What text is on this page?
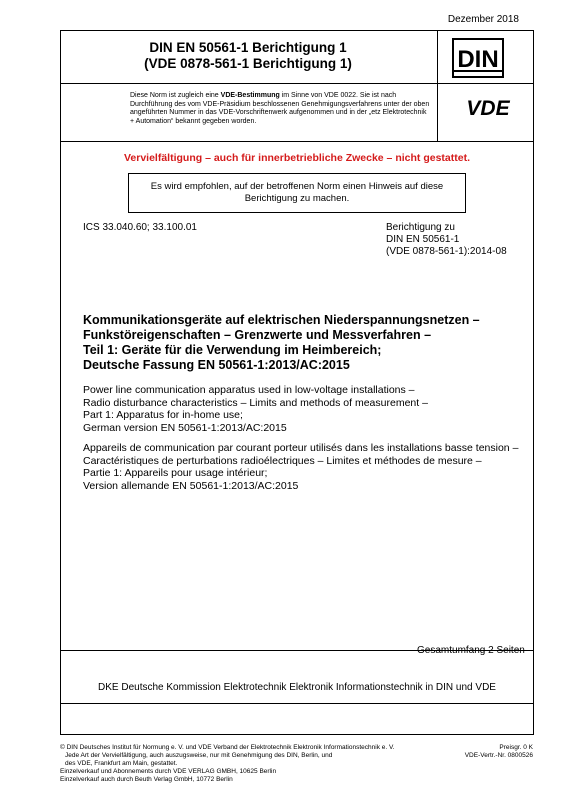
Dezember 2018
DIN EN 50561-1 Berichtigung 1
(VDE 0878-561-1 Berichtigung 1)	DIN
VDE
Diese Norm ist zugleich eine VDE-Bestimmung im Sinne von VDE 0022. Sie ist nach Durchführung des vom VDE-Präsidium beschlossenen Genehmigungsverfahrens unter der oben angeführten Nummer in das VDE-Vorschriftenwerk aufgenommen und in der „etz Elektrotechnik + Automation“ bekannt gegeben worden.
Vervielfältigung – auch für innerbetriebliche Zwecke – nicht gestattet.
Es wird empfohlen, auf der betroffenen Norm einen Hinweis auf diese Berichtigung zu machen.
ICS 33.040.60; 33.100.01	Berichtigung zu
DIN EN 50561-1
(VDE 0878-561-1):2014-08
Kommunikationsgeräte auf elektrischen Niederspannungsnetzen –
Funkstöreigenschaften – Grenzwerte und Messverfahren –
Teil 1: Geräte für die Verwendung im Heimbereich;
Deutsche Fassung EN 50561-1:2013/AC:2015
Power line communication apparatus used in low-voltage installations –
Radio disturbance characteristics – Limits and methods of measurement –
Part 1: Apparatus for in-home use;
German version EN 50561-1:2013/AC:2015
Appareils de communication par courant porteur utilisés dans les installations basse tension –
Caractéristiques de perturbations radioélectriques – Limites et méthodes de mesure –
Partie 1: Appareils pour usage intérieur;
Version allemande EN 50561-1:2013/AC:2015
Gesamtumfang 2 Seiten
DKE Deutsche Kommission Elektrotechnik Elektronik Informationstechnik in DIN und VDE
© DIN Deutsches Institut für Normung e. V. und VDE Verband der Elektrotechnik Elektronik Informationstechnik e. V.
Jede Art der Vervielfältigung, auch auszugsweise, nur mit Genehmigung des DIN, Berlin, und
des VDE, Frankfurt am Main, gestattet.
Einzelverkauf und Abonnements durch VDE VERLAG GMBH, 10625 Berlin
Einzelverkauf auch durch Beuth Verlag GmbH, 10772 Berlin
Preisgr. 0 K
VDE-Vertr.-Nr. 0800526
